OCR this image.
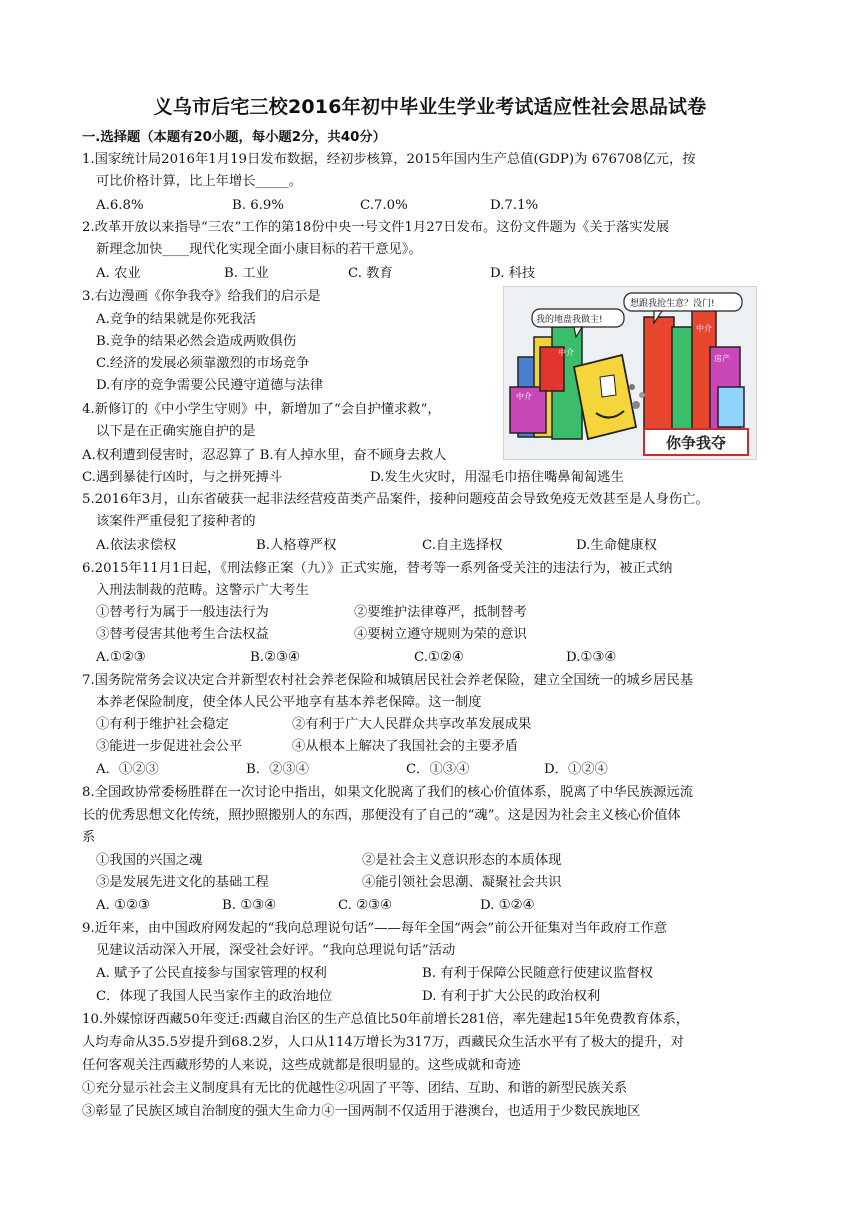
义乌市后宅三校2016年初中毕业生学业考试适应性社会思品试卷
一.选择题（本题有20小题，每小题2分，共40分）
1.国家统计局2016年1月19日发布数据，经初步核算，2015年国内生产总值(GDP)为 676708亿元，按
可比价格计算，比上年增长_____。
A.6.8%	B. 6.9%	C.7.0%	D.7.1%
2.改革开放以来指导“三农”工作的第18份中央一号文件1月27日发布。这份文件题为《关于落实发展
新理念加快____现代化实现全面小康目标的若干意见》。
A. 农业	B. 工业	C. 教育	D. 科技
3.右边漫画《你争我夺》给我们的启示是
A.竞争的结果就是你死我活
B.竞争的结果必然会造成两败俱伤
C.经济的发展必须靠激烈的市场竞争
D.有序的竞争需要公民遵守道德与法律
我的地盘我做主!
想跟我抢生意？没门!
中介
中介
房产
中介
你争我夺
4.新修订的《中小学生守则》中，新增加了“会自护懂求救”，
以下是在正确实施自护的是
A.权利遭到侵害时，忍忍算了 B.有人掉水里，奋不顾身去救人
C.遇到暴徒行凶时，与之拼死搏斗	D.发生火灾时，用湿毛巾捂住嘴鼻匍匐逃生
5.2016年3月，山东省破获一起非法经营疫苗类产品案件，接种问题疫苗会导致免疫无效甚至是人身伤亡。
该案件严重侵犯了接种者的
A.依法求偿权	B.人格尊严权	C.自主选择权	D.生命健康权
6.2015年11月1日起，《刑法修正案（九）》正式实施，替考等一系列备受关注的违法行为，被正式纳
入刑法制裁的范畴。这警示广大考生
①替考行为属于一般违法行为	②要维护法律尊严，抵制替考
③替考侵害其他考生合法权益	④要树立遵守规则为荣的意识
A.①②③	B.②③④	C.①②④	D.①③④
7.国务院常务会议决定合并新型农村社会养老保险和城镇居民社会养老保险，建立全国统一的城乡居民基
本养老保险制度，使全体人民公平地享有基本养老保障。这一制度
①有利于维护社会稳定	②有利于广大人民群众共享改革发展成果
③能进一步促进社会公平	④从根本上解决了我国社会的主要矛盾
A．①②③	B．②③④	C．①③④	D．①②④
8.全国政协常委杨胜群在一次讨论中指出，如果文化脱离了我们的核心价值体系，脱离了中华民族源远流
长的优秀思想文化传统，照抄照搬别人的东西，那便没有了自己的“魂”。这是因为社会主义核心价值体
系
①我国的兴国之魂	②是社会主义意识形态的本质体现
③是发展先进文化的基础工程	④能引领社会思潮、凝聚社会共识
A. ①②③	B. ①③④	C. ②③④	D. ①②④
9.近年来，由中国政府网发起的“我向总理说句话”——每年全国“两会”前公开征集对当年政府工作意
见建议活动深入开展，深受社会好评。“我向总理说句话”活动
A. 赋予了公民直接参与国家管理的权利	B. 有利于保障公民随意行使建议监督权
C．体现了我国人民当家作主的政治地位	D. 有利于扩大公民的政治权利
10.外媒惊讶西藏50年变迁:西藏自治区的生产总值比50年前增长281倍，率先建起15年免费教育体系，
人均寿命从35.5岁提升到68.2岁，人口从114万增长为317万，西藏民众生活水平有了极大的提升，对
任何客观关注西藏形势的人来说，这些成就都是很明显的。这些成就和奇迹
①充分显示社会主义制度具有无比的优越性②巩固了平等、团结、互助、和谐的新型民族关系
③彰显了民族区域自治制度的强大生命力④一国两制不仅适用于港澳台，也适用于少数民族地区
